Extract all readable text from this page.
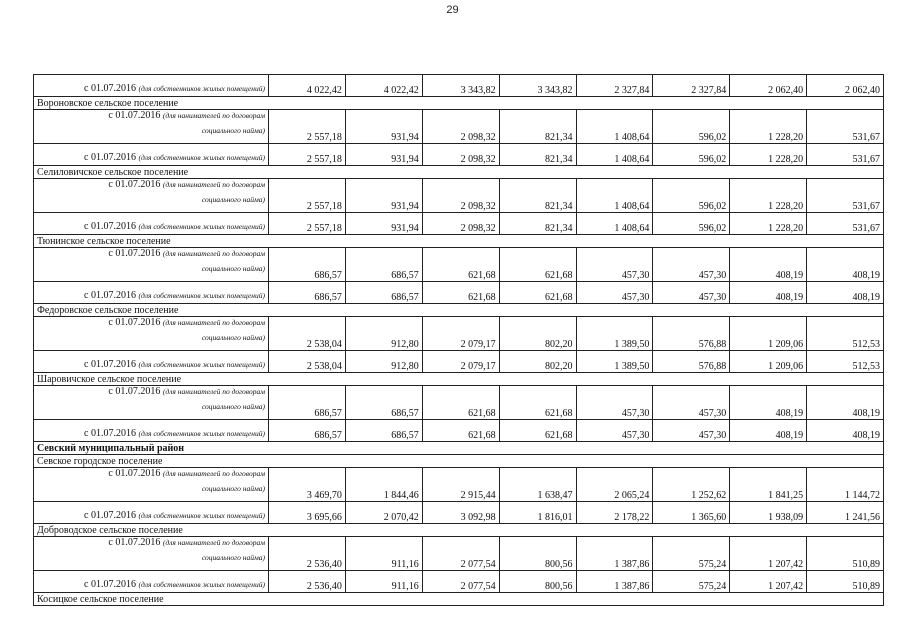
29
с 01.07.2016 (для собственников жилых помещений)	4 022,42	4 022,42	3 343,82	3 343,82	2 327,84	2 327,84	2 062,40	2 062,40
Вороновское сельское поселение								
с 01.07.2016 (для нанимателей по договорам
социального найма)	2 557,18	931,94	2 098,32	821,34	1 408,64	596,02	1 228,20	531,67
с 01.07.2016 (для собственников жилых помещений)	2 557,18	931,94	2 098,32	821,34	1 408,64	596,02	1 228,20	531,67
Селиловичское сельское поселение								
с 01.07.2016 (для нанимателей по договорам
социального найма)	2 557,18	931,94	2 098,32	821,34	1 408,64	596,02	1 228,20	531,67
с 01.07.2016 (для собственников жилых помещений)	2 557,18	931,94	2 098,32	821,34	1 408,64	596,02	1 228,20	531,67
Тюнинское сельское поселение								
с 01.07.2016 (для нанимателей по договорам
социального найма)	686,57	686,57	621,68	621,68	457,30	457,30	408,19	408,19
с 01.07.2016 (для собственников жилых помещений)	686,57	686,57	621,68	621,68	457,30	457,30	408,19	408,19
Федоровское сельское поселение								
с 01.07.2016 (для нанимателей по договорам
социального найма)	2 538,04	912,80	2 079,17	802,20	1 389,50	576,88	1 209,06	512,53
с 01.07.2016 (для собственников жилых помещений)	2 538,04	912,80	2 079,17	802,20	1 389,50	576,88	1 209,06	512,53
Шаровичское сельское поселение								
с 01.07.2016 (для нанимателей по договорам
социального найма)	686,57	686,57	621,68	621,68	457,30	457,30	408,19	408,19
с 01.07.2016 (для собственников жилых помещений)	686,57	686,57	621,68	621,68	457,30	457,30	408,19	408,19
Севский муниципальный район								
Севское городское поселение								
с 01.07.2016 (для нанимателей по договорам
социального найма)	3 469,70	1 844,46	2 915,44	1 638,47	2 065,24	1 252,62	1 841,25	1 144,72
с 01.07.2016 (для собственников жилых помещений)	3 695,66	2 070,42	3 092,98	1 816,01	2 178,22	1 365,60	1 938,09	1 241,56
Доброводское сельское поселение								
с 01.07.2016 (для нанимателей по договорам
социального найма)	2 536,40	911,16	2 077,54	800,56	1 387,86	575,24	1 207,42	510,89
с 01.07.2016 (для собственников жилых помещений)	2 536,40	911,16	2 077,54	800,56	1 387,86	575,24	1 207,42	510,89
Косицкое сельское поселение								
